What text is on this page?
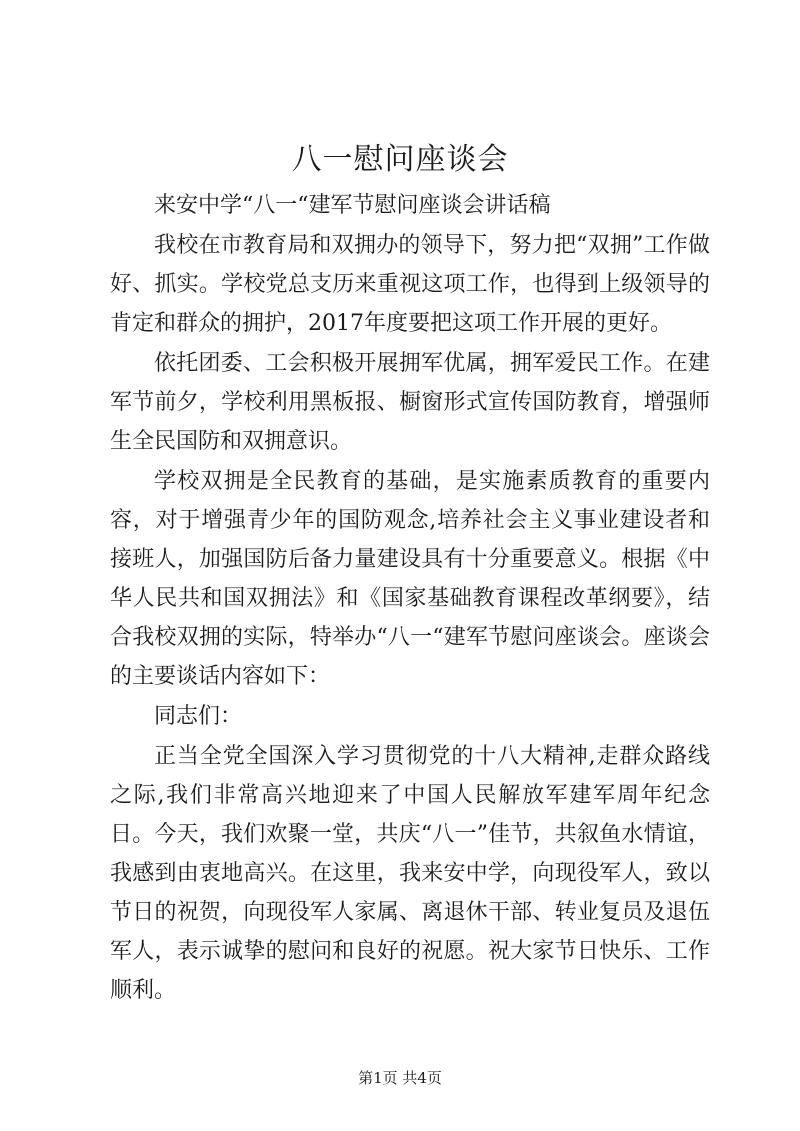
八一慰问座谈会

来安中学“八一“建军节慰问座谈会讲话稿

我校在市教育局和双拥办的领导下，努力把“双拥”工作做好、抓实。学校党总支历来重视这项工作，也得到上级领导的肯定和群众的拥护，2017年度要把这项工作开展的更好。

依托团委、工会积极开展拥军优属，拥军爱民工作。在建军节前夕，学校利用黑板报、橱窗形式宣传国防教育，增强师生全民国防和双拥意识。

学校双拥是全民教育的基础，是实施素质教育的重要内容，对于增强青少年的国防观念,培养社会主义事业建设者和接班人，加强国防后备力量建设具有十分重要意义。根据《中华人民共和国双拥法》和《国家基础教育课程改革纲要》，结合我校双拥的实际，特举办“八一“建军节慰问座谈会。座谈会的主要谈话内容如下：

同志们：

正当全党全国深入学习贯彻党的十八大精神,走群众路线之际,我们非常高兴地迎来了中国人民解放军建军周年纪念日。今天，我们欢聚一堂，共庆“八一”佳节，共叙鱼水情谊，我感到由衷地高兴。在这里，我来安中学，向现役军人，致以节日的祝贺，向现役军人家属、离退休干部、转业复员及退伍军人，表示诚挚的慰问和良好的祝愿。祝大家节日快乐、工作顺利。

第1页 共4页
